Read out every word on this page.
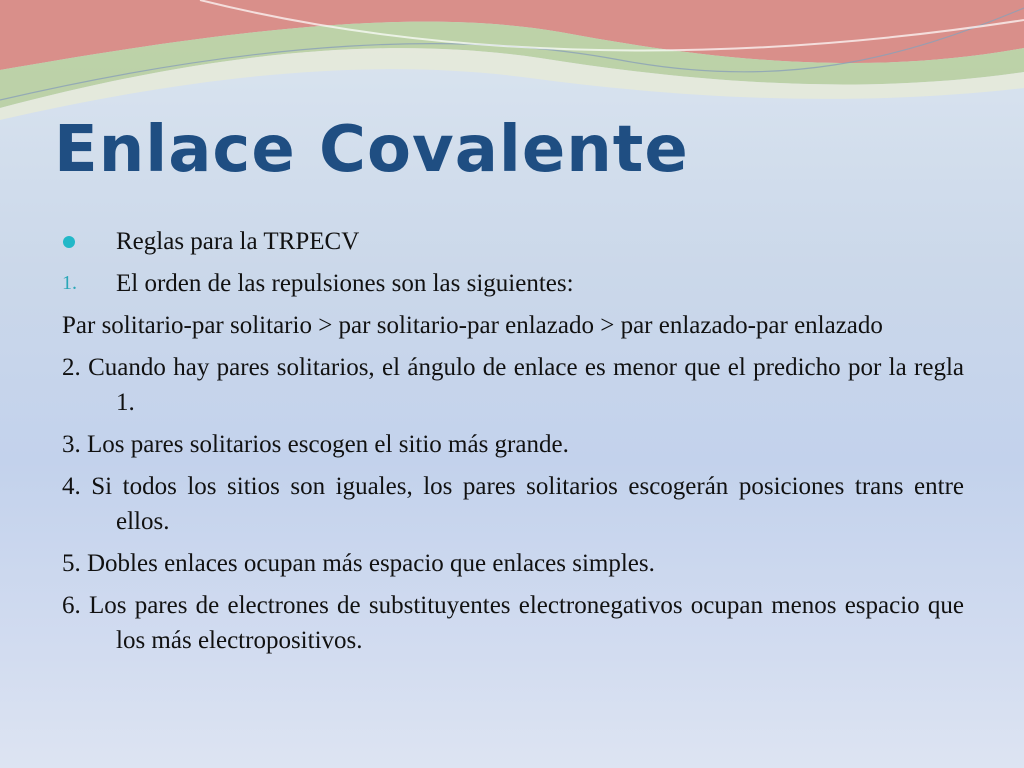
Enlace Covalente
Reglas para la TRPECV
1. El orden de las repulsiones son las siguientes:
Par solitario-par solitario > par solitario-par enlazado > par enlazado-par enlazado
2. Cuando hay pares solitarios, el ángulo de enlace es menor que el predicho por la regla 1.
3. Los pares solitarios escogen el sitio más grande.
4. Si todos los sitios son iguales, los pares solitarios escogerán posiciones trans entre ellos.
5. Dobles enlaces ocupan más espacio que enlaces simples.
6. Los pares de electrones de substituyentes electronegativos ocupan menos espacio que los más electropositivos.
